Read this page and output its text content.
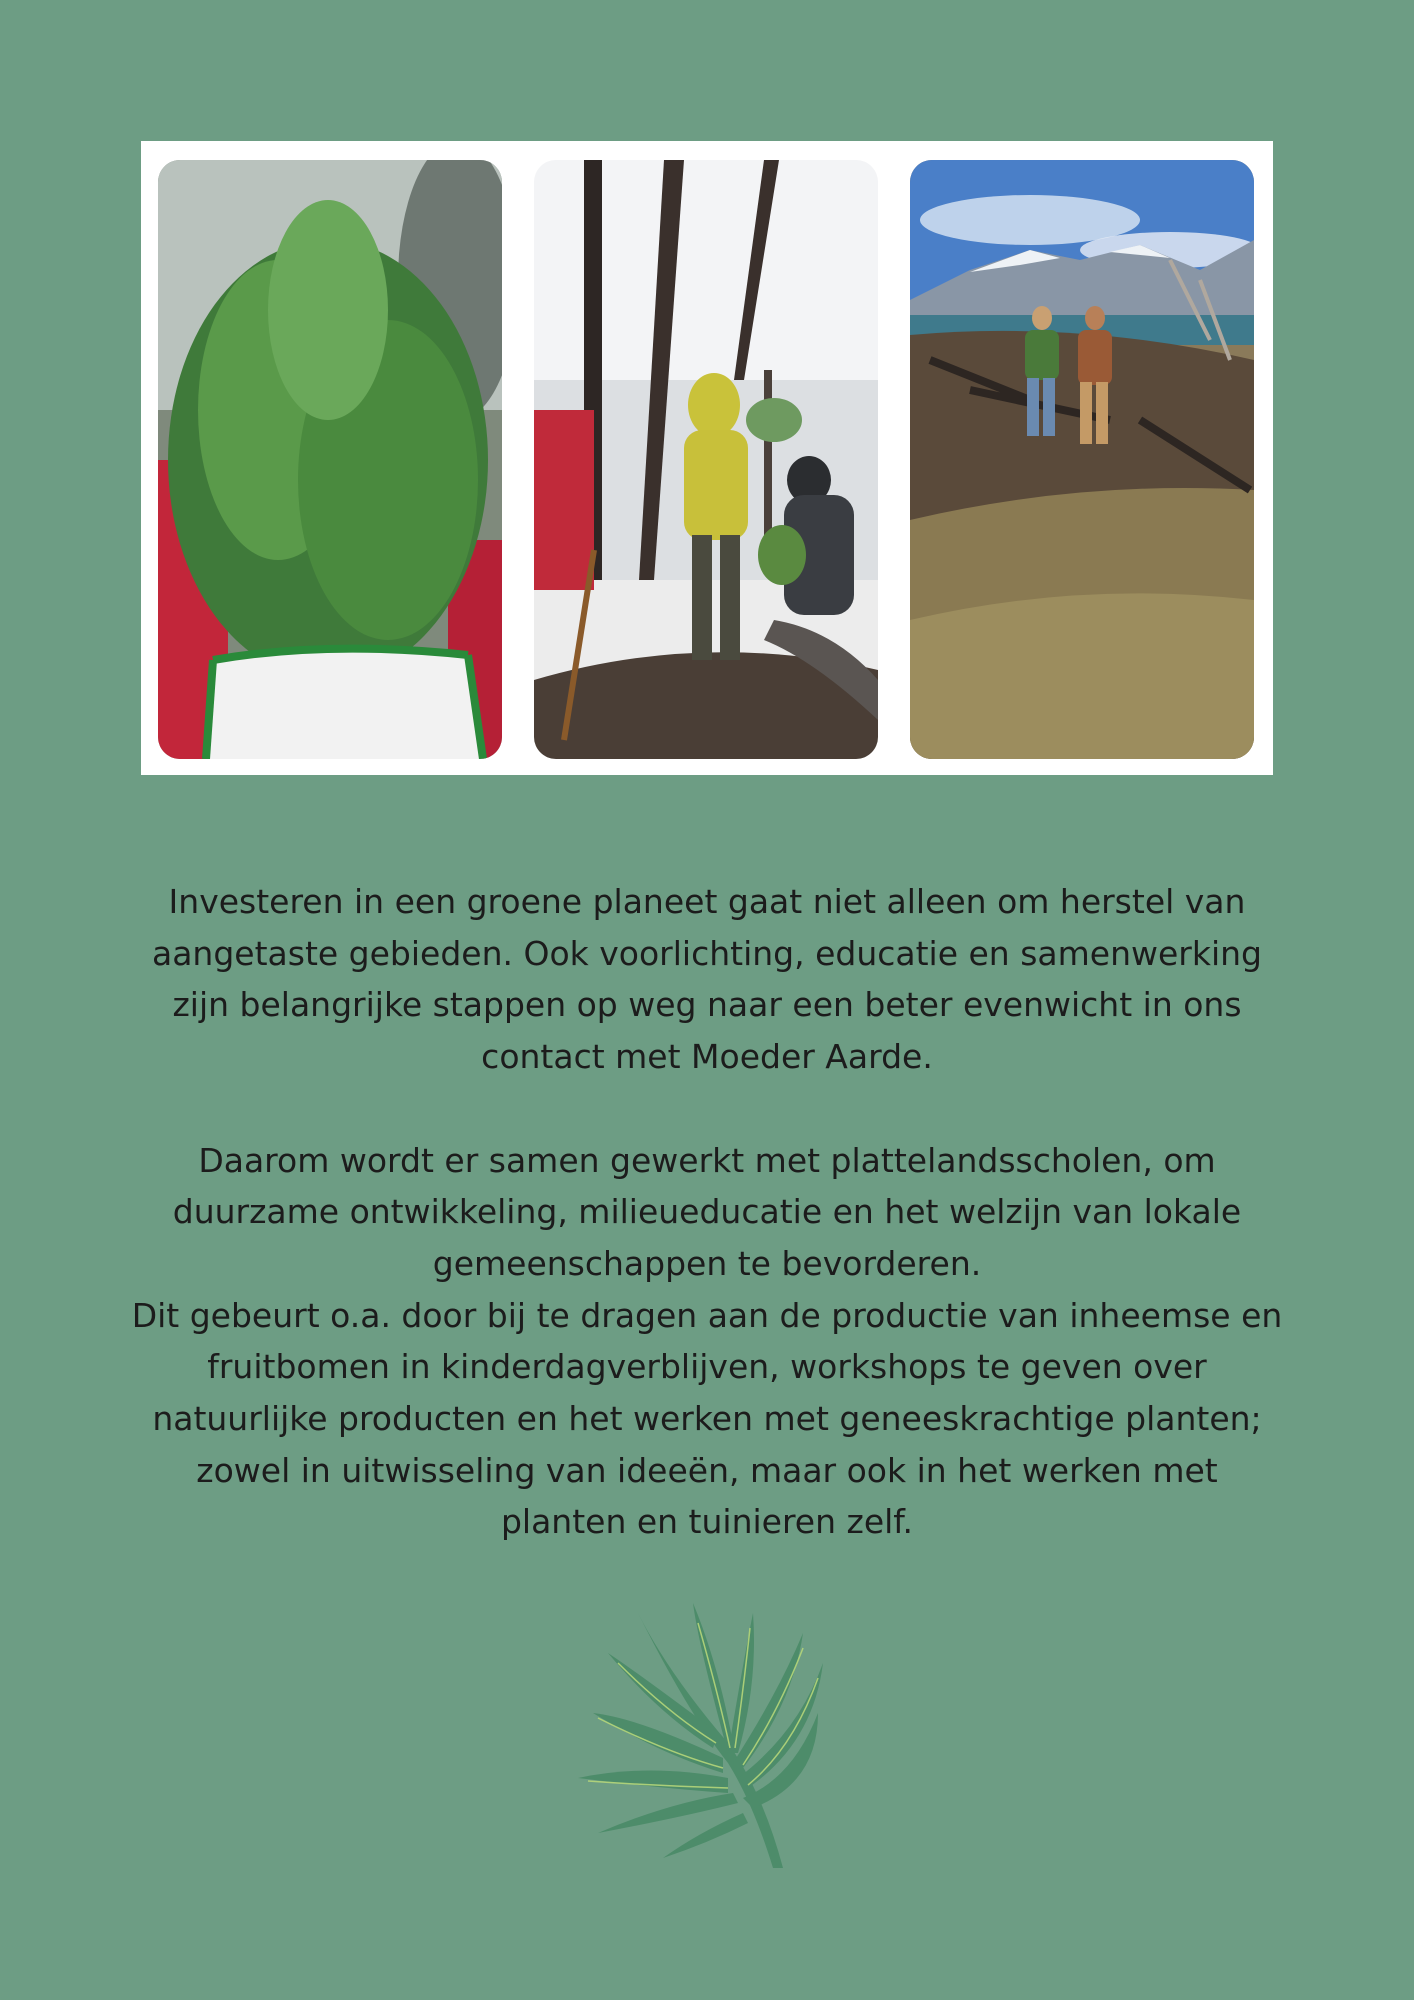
Investeren in een groene planeet gaat niet alleen om herstel van aangetaste gebieden. Ook voorlichting, educatie en samenwerking zijn belangrijke stappen op weg naar een beter evenwicht in ons contact met Moeder Aarde.

Daarom wordt er samen gewerkt met plattelandsscholen, om duurzame ontwikkeling, milieueducatie en het welzijn van lokale gemeenschappen te bevorderen.

Dit gebeurt o.a. door bij te dragen aan de productie van inheemse en fruitbomen in kinderdagverblijven, workshops te geven over natuurlijke producten en het werken met geneeskrachtige planten; zowel in uitwisseling van ideeën, maar ook in het werken met planten en tuinieren zelf.
